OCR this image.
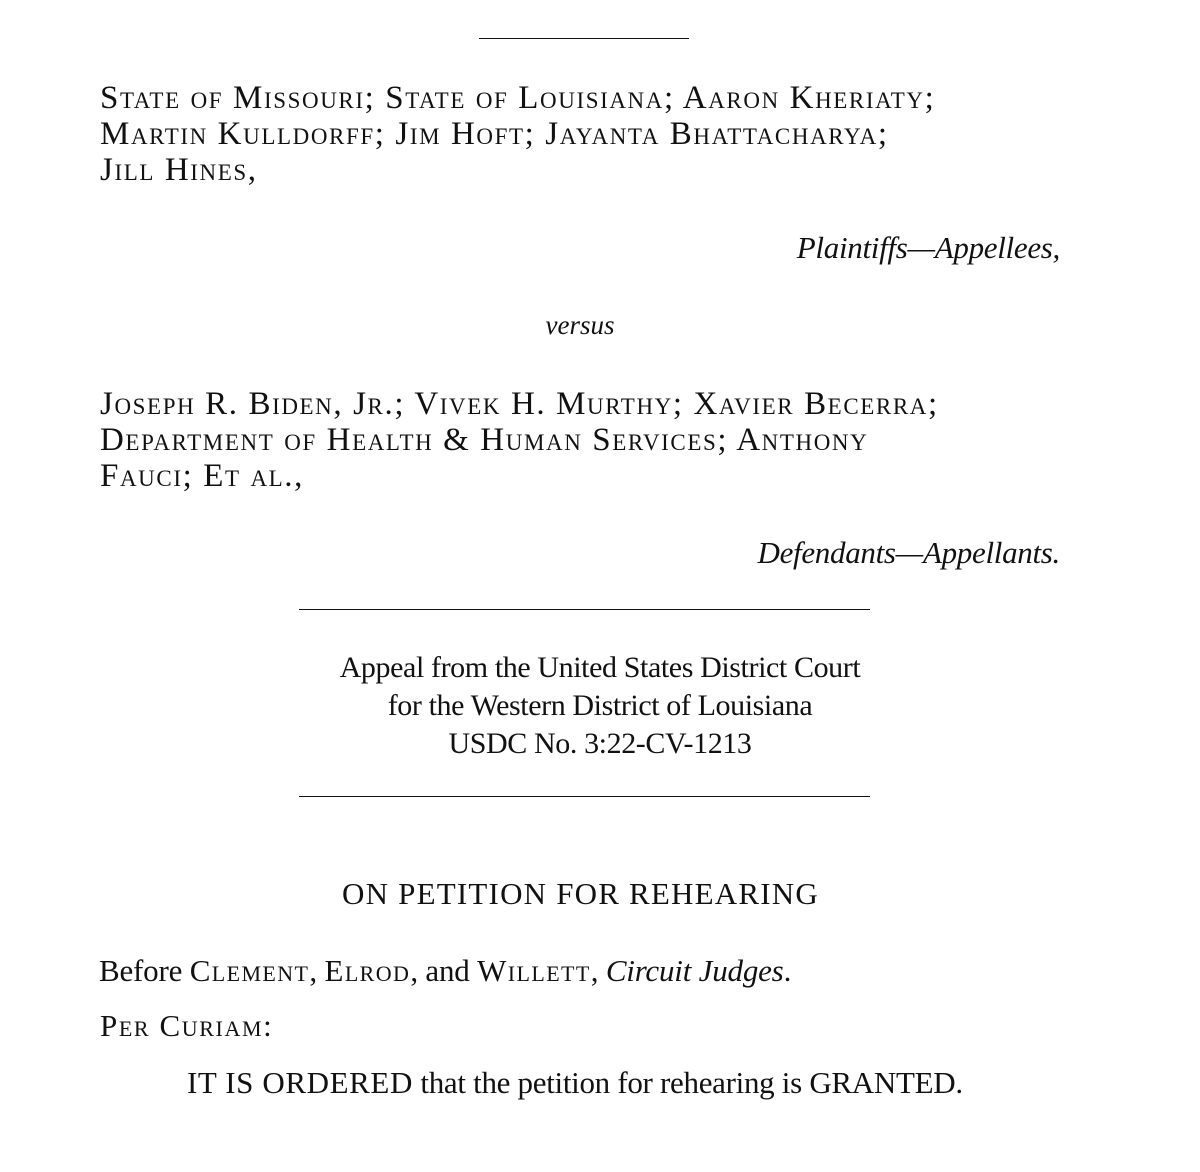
State of Missouri; State of Louisiana; Aaron Kheriaty;
Martin Kulldorff; Jim Hoft; Jayanta Bhattacharya;
Jill Hines,
Plaintiffs—Appellees,
versus
Joseph R. Biden, Jr.; Vivek H. Murthy; Xavier Becerra;
Department of Health & Human Services; Anthony
Fauci; Et al.,
Defendants—Appellants.
Appeal from the United States District Court
for the Western District of Louisiana
USDC No. 3:22-CV-1213
ON PETITION FOR REHEARING
Before Clement, Elrod, and Willett, Circuit Judges.
Per Curiam:
IT IS ORDERED that the petition for rehearing is GRANTED.
